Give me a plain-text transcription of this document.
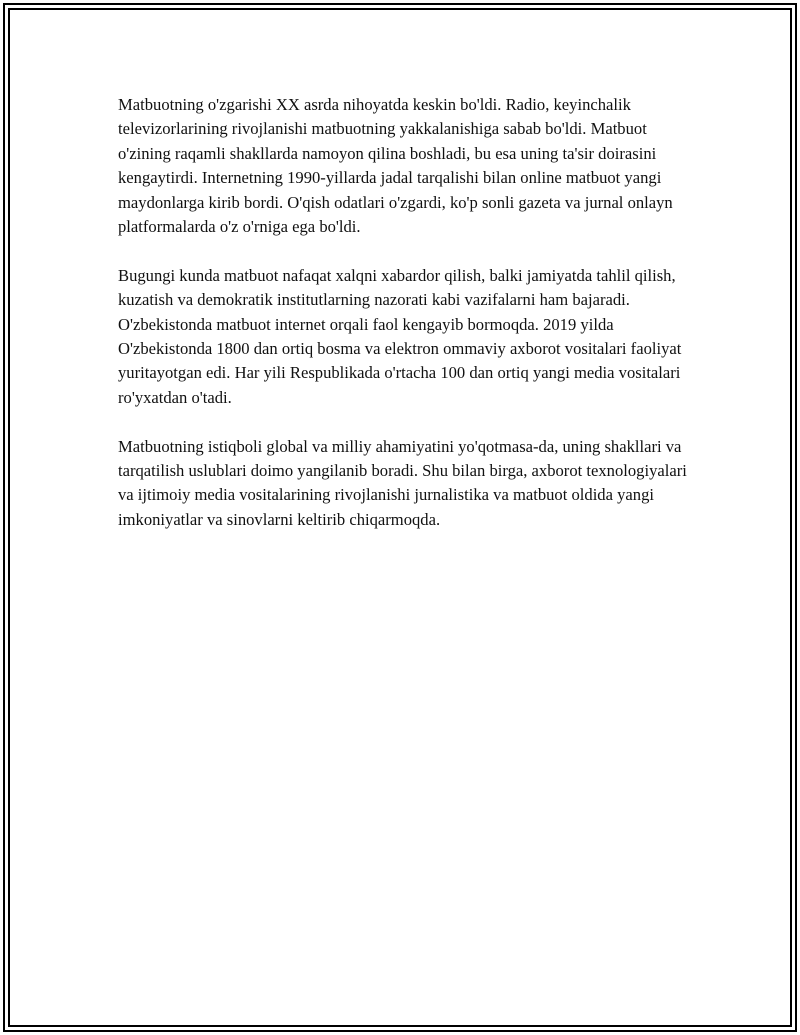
Matbuotning o'zgarishi XX asrda nihoyatda keskin bo'ldi. Radio, keyinchalik televizorlarining rivojlanishi matbuotning yakkalanishiga sabab bo'ldi. Matbuot o'zining raqamli shakllarda namoyon qilina boshladi, bu esa uning ta'sir doirasini kengaytirdi. Internetning 1990-yillarda jadal tarqalishi bilan online matbuot yangi maydonlarga kirib bordi. O'qish odatlari o'zgardi, ko'p sonli gazeta va jurnal onlayn platformalarda o'z o'rniga ega bo'ldi.

Bugungi kunda matbuot nafaqat xalqni xabardor qilish, balki jamiyatda tahlil qilish, kuzatish va demokratik institutlarning nazorati kabi vazifalarni ham bajaradi. O'zbekistonda matbuot internet orqali faol kengayib bormoqda. 2019 yilda O'zbekistonda 1800 dan ortiq bosma va elektron ommaviy axborot vositalari faoliyat yuritayotgan edi. Har yili Respublikada o'rtacha 100 dan ortiq yangi media vositalari ro'yxatdan o'tadi.

Matbuotning istiqboli global va milliy ahamiyatini yo'qotmasa-da, uning shakllari va tarqatilish uslublari doimo yangilanib boradi. Shu bilan birga, axborot texnologiyalari va ijtimoiy media vositalarining rivojlanishi jurnalistika va matbuot oldida yangi imkoniyatlar va sinovlarni keltirib chiqarmoqda.
